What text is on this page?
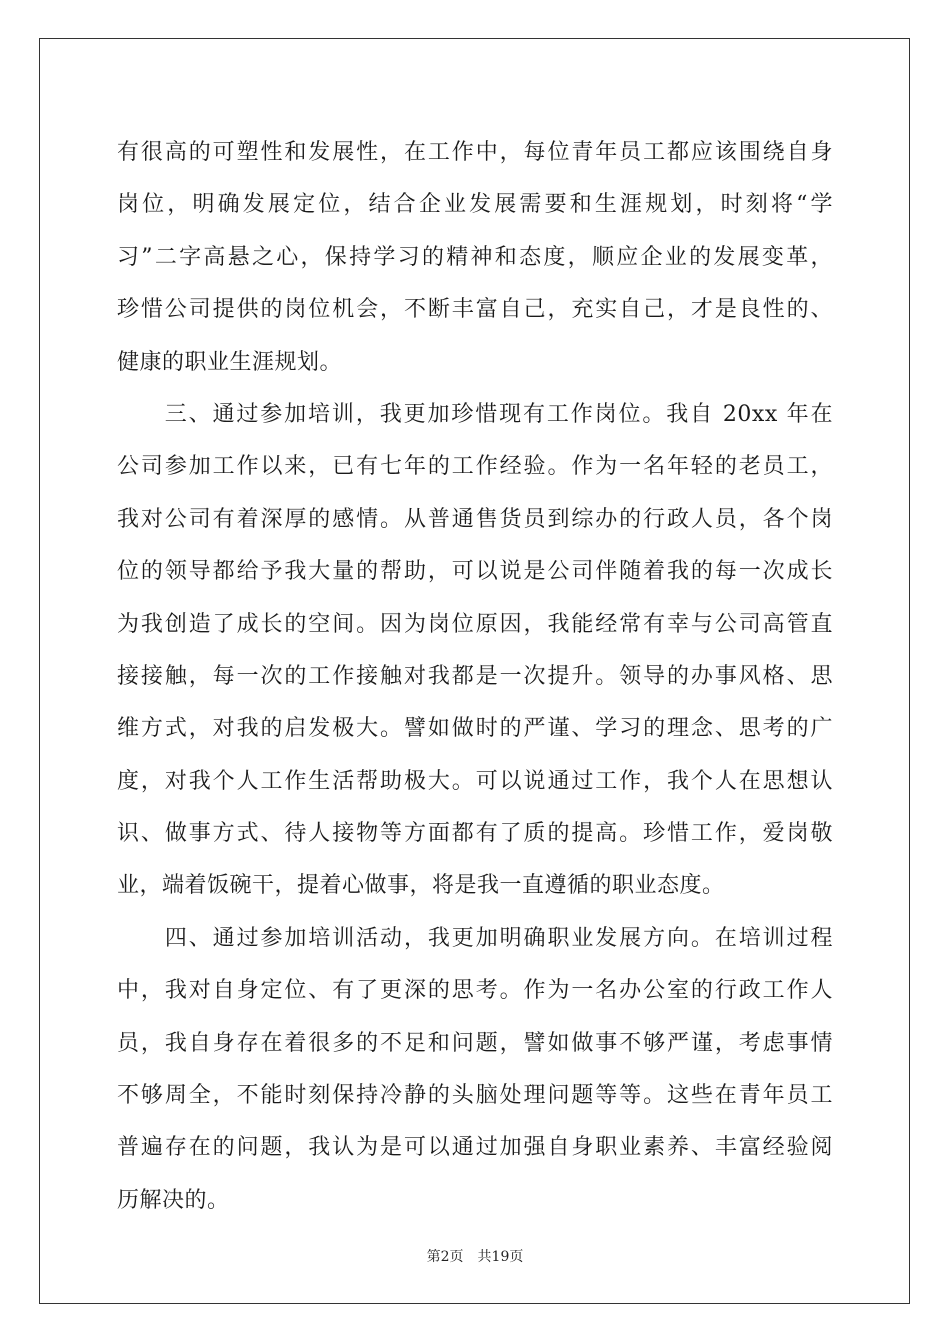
有很高的可塑性和发展性，在工作中，每位青年员工都应该围绕自身
岗位，明确发展定位，结合企业发展需要和生涯规划，时刻将“学
习”二字高悬之心，保持学习的精神和态度，顺应企业的发展变革，
珍惜公司提供的岗位机会，不断丰富自己，充实自己，才是良性的、
健康的职业生涯规划。
　　三、通过参加培训，我更加珍惜现有工作岗位。我自 20xx 年在
公司参加工作以来，已有七年的工作经验。作为一名年轻的老员工，
我对公司有着深厚的感情。从普通售货员到综办的行政人员，各个岗
位的领导都给予我大量的帮助，可以说是公司伴随着我的每一次成长
为我创造了成长的空间。因为岗位原因，我能经常有幸与公司高管直
接接触，每一次的工作接触对我都是一次提升。领导的办事风格、思
维方式，对我的启发极大。譬如做时的严谨、学习的理念、思考的广
度，对我个人工作生活帮助极大。可以说通过工作，我个人在思想认
识、做事方式、待人接物等方面都有了质的提高。珍惜工作，爱岗敬
业，端着饭碗干，提着心做事，将是我一直遵循的职业态度。
　　四、通过参加培训活动，我更加明确职业发展方向。在培训过程
中，我对自身定位、有了更深的思考。作为一名办公室的行政工作人
员，我自身存在着很多的不足和问题，譬如做事不够严谨，考虑事情
不够周全，不能时刻保持冷静的头脑处理问题等等。这些在青年员工
普遍存在的问题，我认为是可以通过加强自身职业素养、丰富经验阅
历解决的。
第2页　共19页
